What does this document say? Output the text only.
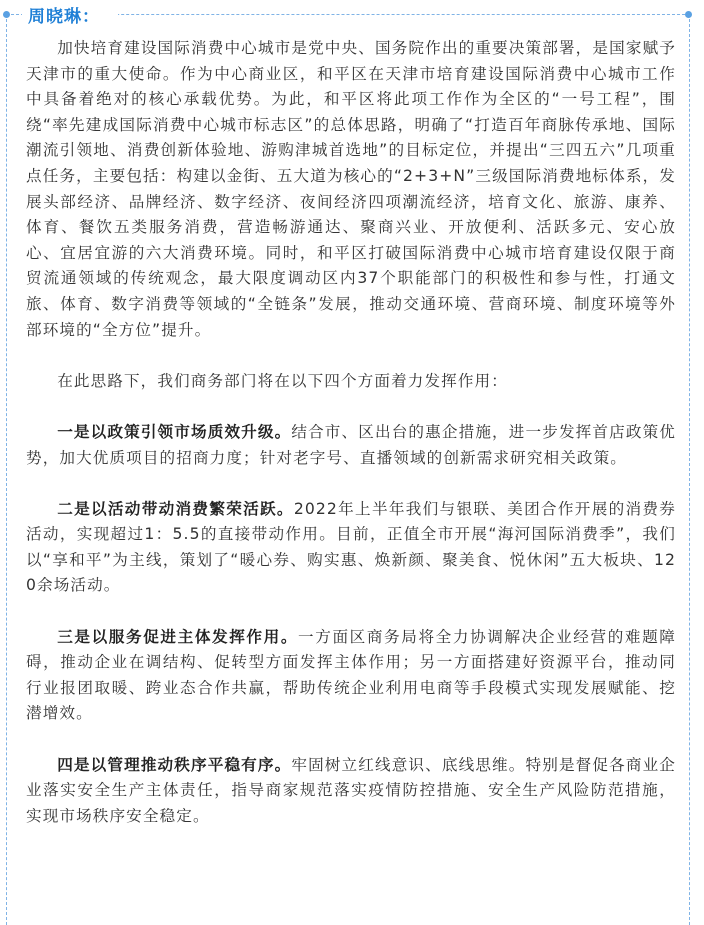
周晓琳：

加快培育建设国际消费中心城市是党中央、国务院作出的重要决策部署，是国家赋予天津市的重大使命。作为中心商业区，和平区在天津市培育建设国际消费中心城市工作中具备着绝对的核心承载优势。为此，和平区将此项工作作为全区的“一号工程”，围绕“率先建成国际消费中心城市标志区”的总体思路，明确了“打造百年商脉传承地、国际潮流引领地、消费创新体验地、游购津城首选地”的目标定位，并提出“三四五六”几项重点任务，主要包括：构建以金街、五大道为核心的“2+3+N”三级国际消费地标体系，发展头部经济、品牌经济、数字经济、夜间经济四项潮流经济，培育文化、旅游、康养、体育、餐饮五类服务消费，营造畅游通达、聚商兴业、开放便利、活跃多元、安心放心、宜居宜游的六大消费环境。同时，和平区打破国际消费中心城市培育建设仅限于商贸流通领域的传统观念，最大限度调动区内37个职能部门的积极性和参与性，打通文旅、体育、数字消费等领域的“全链条”发展，推动交通环境、营商环境、制度环境等外部环境的“全方位”提升。

在此思路下，我们商务部门将在以下四个方面着力发挥作用：

一是以政策引领市场质效升级。结合市、区出台的惠企措施，进一步发挥首店政策优势，加大优质项目的招商力度；针对老字号、直播领域的创新需求研究相关政策。

二是以活动带动消费繁荣活跃。2022年上半年我们与银联、美团合作开展的消费券活动，实现超过1：5.5的直接带动作用。目前，正值全市开展“海河国际消费季”，我们以“享和平”为主线，策划了“暖心券、购实惠、焕新颜、聚美食、悦休闲”五大板块、120余场活动。

三是以服务促进主体发挥作用。一方面区商务局将全力协调解决企业经营的难题障碍，推动企业在调结构、促转型方面发挥主体作用；另一方面搭建好资源平台，推动同行业报团取暖、跨业态合作共赢，帮助传统企业利用电商等手段模式实现发展赋能、挖潜增效。

四是以管理推动秩序平稳有序。牢固树立红线意识、底线思维。特别是督促各商业企业落实安全生产主体责任，指导商家规范落实疫情防控措施、安全生产风险防范措施，实现市场秩序安全稳定。
